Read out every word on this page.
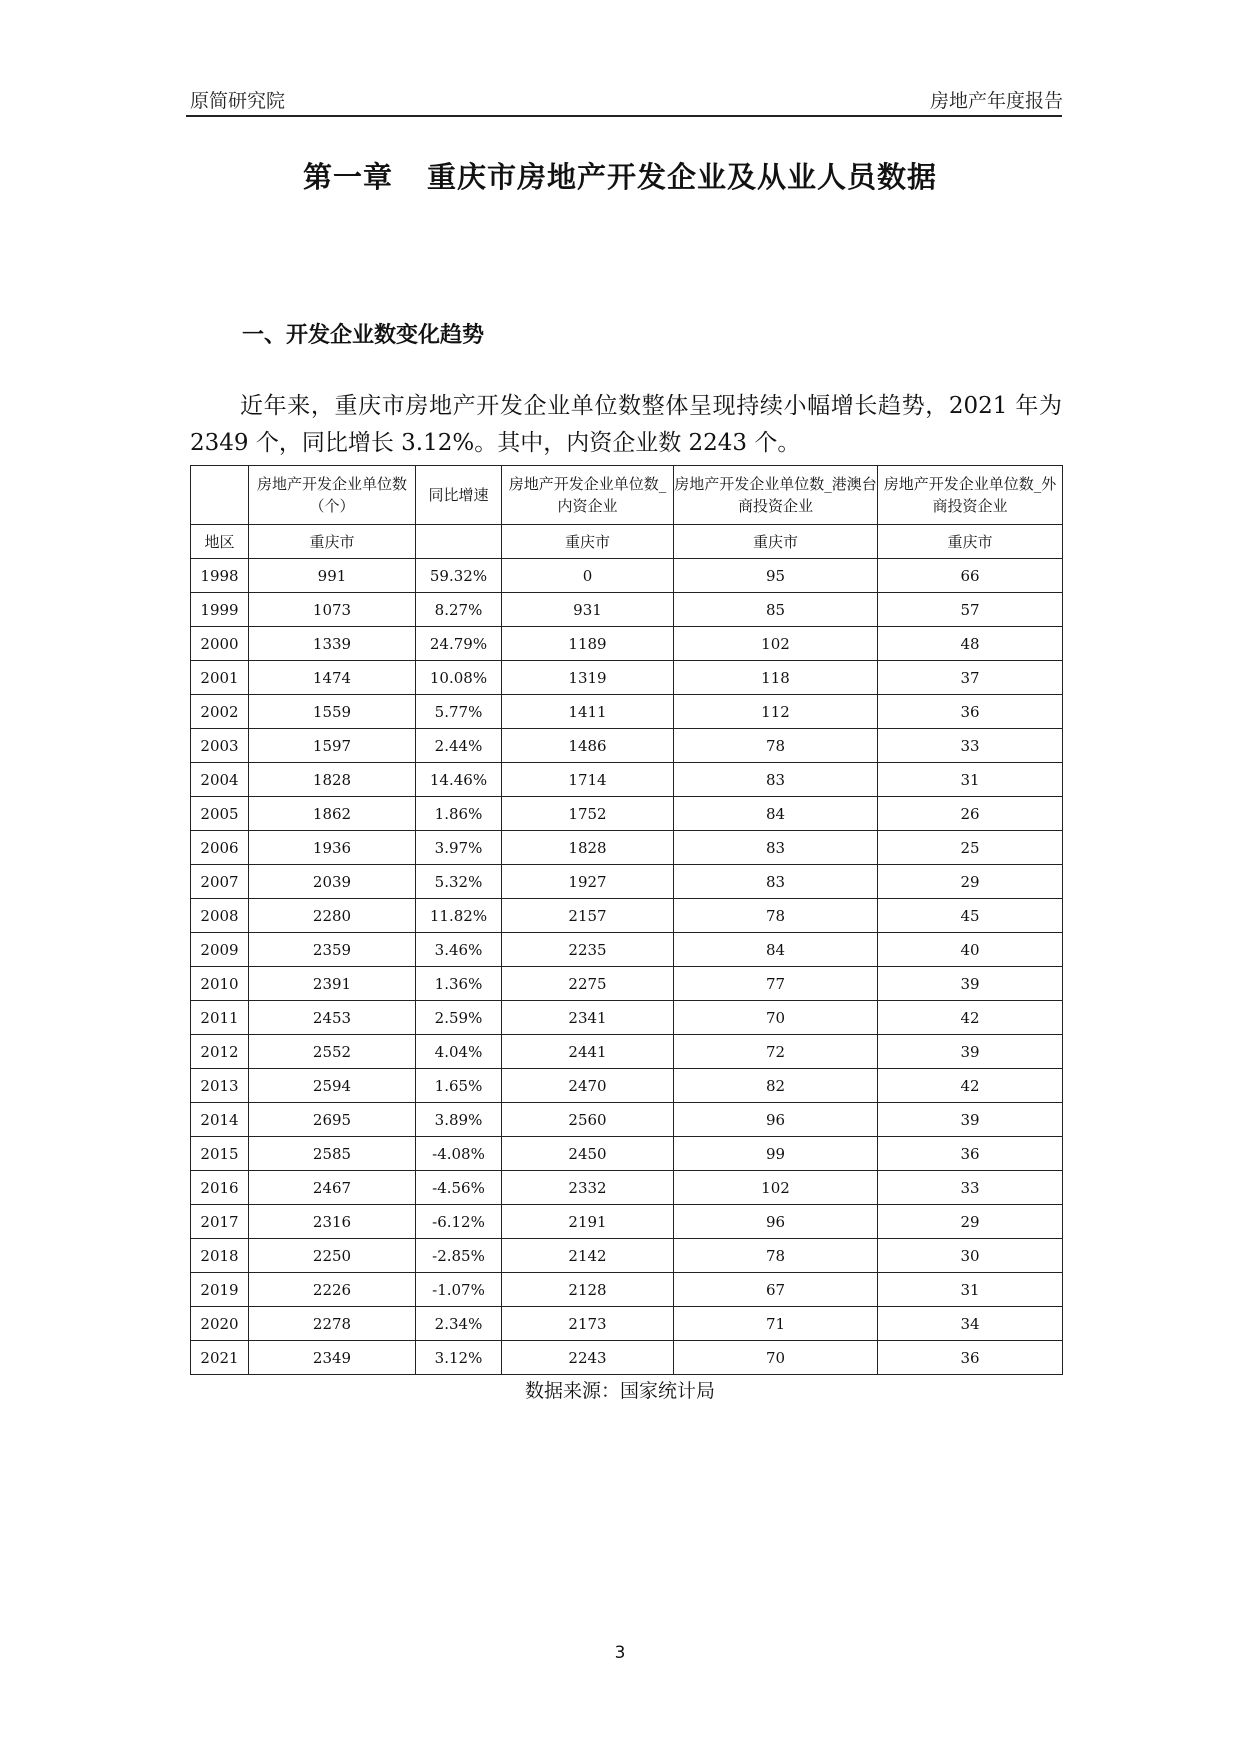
原简研究院	房地产年度报告
第一章 重庆市房地产开发企业及从业人员数据
一、开发企业数变化趋势
近年来，重庆市房地产开发企业单位数整体呈现持续小幅增长趋势，2021 年为 2349 个，同比增长 3.12%。其中，内资企业数 2243 个。
	房地产开发企业单位数（个）	同比增速	房地产开发企业单位数_内资企业	房地产开发企业单位数_港澳台商投资企业	房地产开发企业单位数_外商投资企业
地区	重庆市		重庆市	重庆市	重庆市
1998	991	59.32%	0	95	66
1999	1073	8.27%	931	85	57
2000	1339	24.79%	1189	102	48
2001	1474	10.08%	1319	118	37
2002	1559	5.77%	1411	112	36
2003	1597	2.44%	1486	78	33
2004	1828	14.46%	1714	83	31
2005	1862	1.86%	1752	84	26
2006	1936	3.97%	1828	83	25
2007	2039	5.32%	1927	83	29
2008	2280	11.82%	2157	78	45
2009	2359	3.46%	2235	84	40
2010	2391	1.36%	2275	77	39
2011	2453	2.59%	2341	70	42
2012	2552	4.04%	2441	72	39
2013	2594	1.65%	2470	82	42
2014	2695	3.89%	2560	96	39
2015	2585	-4.08%	2450	99	36
2016	2467	-4.56%	2332	102	33
2017	2316	-6.12%	2191	96	29
2018	2250	-2.85%	2142	78	30
2019	2226	-1.07%	2128	67	31
2020	2278	2.34%	2173	71	34
2021	2349	3.12%	2243	70	36
数据来源：国家统计局
3
